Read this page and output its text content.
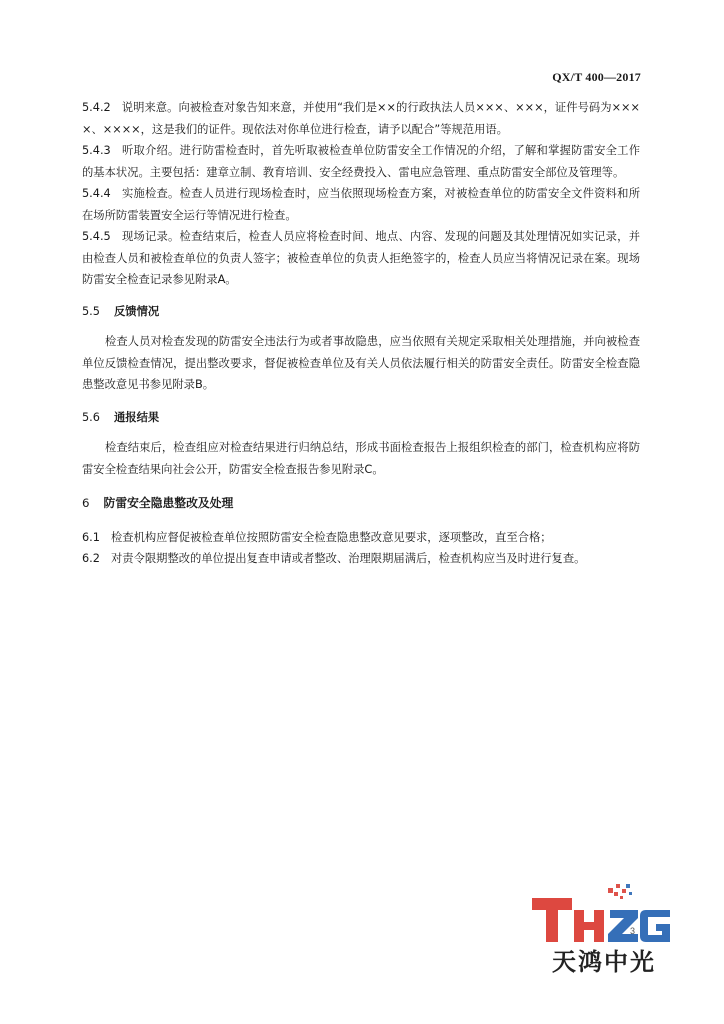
QX/T 400—2017

5.4.2 说明来意。向被检查对象告知来意，并使用“我们是××的行政执法人员×××、×××，证件号码为××××、××××，这是我们的证件。现依法对你单位进行检查，请予以配合”等规范用语。

5.4.3 听取介绍。进行防雷检查时，首先听取被检查单位防雷安全工作情况的介绍，了解和掌握防雷安全工作的基本状况。主要包括：建章立制、教育培训、安全经费投入、雷电应急管理、重点防雷安全部位及管理等。

5.4.4 实施检查。检查人员进行现场检查时，应当依照现场检查方案，对被检查单位的防雷安全文件资料和所在场所防雷装置安全运行等情况进行检查。

5.4.5 现场记录。检查结束后，检查人员应将检查时间、地点、内容、发现的问题及其处理情况如实记录，并由检查人员和被检查单位的负责人签字；被检查单位的负责人拒绝签字的，检查人员应当将情况记录在案。现场防雷安全检查记录参见附录A。

5.5 反馈情况

检查人员对检查发现的防雷安全违法行为或者事故隐患，应当依照有关规定采取相关处理措施，并向被检查单位反馈检查情况，提出整改要求，督促被检查单位及有关人员依法履行相关的防雷安全责任。防雷安全检查隐患整改意见书参见附录B。

5.6 通报结果

检查结束后，检查组应对检查结果进行归纳总结，形成书面检查报告上报组织检查的部门，检查机构应将防雷安全检查结果向社会公开，防雷安全检查报告参见附录C。

6 防雷安全隐患整改及处理

6.1 检查机构应督促被检查单位按照防雷安全检查隐患整改意见要求，逐项整改，直至合格；

6.2 对责令限期整改的单位提出复查申请或者整改、治理限期届满后，检查机构应当及时进行复查。

3
天鸿中光
